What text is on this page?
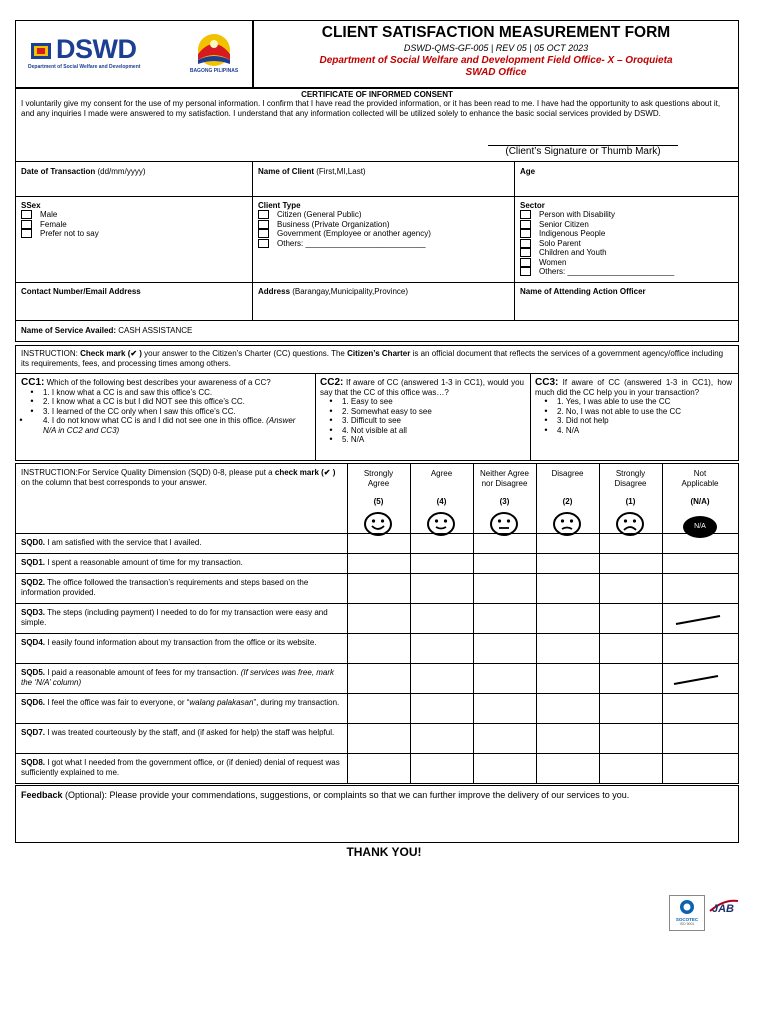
DSWD
Department of Social Welfare and Development
BAGONG PILIPINAS
CLIENT SATISFACTION MEASUREMENT FORM
DSWD-QMS-GF-005 | REV 05 | 05 OCT 2023
Department of Social Welfare and Development Field Office- X – Oroquieta
SWAD Office
CERTIFICATE OF INFORMED CONSENT
I voluntarily give my consent for the use of my personal information. I confirm that I have read the provided information, or it has been read to me. I have had the opportunity to ask questions about it, and any inquiries I made were answered to my satisfaction. I understand that any information collected will be utilized solely to enhance the basic social services provided by DSWD.
(Client’s Signature or Thumb Mark)
Date of Transaction (dd/mm/yyyy)	Name of Client (First,MI,Last)	Age
SSex
Male
Female
Prefer not to say
Client Type
Citizen (General Public)
Business (Private Organization)
Government (Employee or another agency)
Others: ___________________________
Sector
Person with Disability
Senior Citizen
Indigenous People
Solo Parent
Children and Youth
Women
Others: ________________________
Contact Number/Email Address	Address (Barangay,Municipality,Province)	Name of Attending Action Officer
Name of Service Availed: CASH ASSISTANCE
INSTRUCTION: Check mark (✔ ) your answer to the Citizen’s Charter (CC) questions. The Citizen’s Charter is an official document that reflects the services of a government agency/office including its requirements, fees, and processing times among others.
CC1: Which of the following best describes your awareness of a CC?
• 1. I know what a CC is and saw this office’s CC.
• 2. I know what a CC is but I did NOT see this office’s CC.
• 3. I learned of the CC only when I saw this office’s CC.
• 4. I do not know what CC is and I did not see one in this office. (Answer N/A in CC2 and CC3)
CC2: If aware of CC (answered 1-3 in CC1), would you say that the CC of this office was…?
• 1. Easy to see
• 2. Somewhat easy to see
• 3. Difficult to see
• 4. Not visible at all
• 5. N/A
CC3: If aware of CC (answered 1-3 in CC1), how much did the CC help you in your transaction?
• 1. Yes, I was able to use the CC
• 2. No, I was not able to use the CC
• 3. Did not help
• 4. N/A
INSTRUCTION:For Service Quality Dimension (SQD) 0-8, please put a check mark (✔ ) on the column that best corresponds to your answer.
Strongly Agree
(5)
Agree
(4)
Neither Agree nor Disagree
(3)
Disagree
(2)
Strongly Disagree
(1)
Not Applicable
(N/A)
N/A
SQD0. I am satisfied with the service that I availed.
SQD1. I spent a reasonable amount of time for my transaction.
SQD2. The office followed the transaction’s requirements and steps based on the information provided.
SQD3. The steps (including payment) I needed to do for my transaction were easy and simple.
SQD4. I easily found information about my transaction from the office or its website.
SQD5. I paid a reasonable amount of fees for my transaction. (If services was free, mark the ‘N/A’ column)
SQD6. I feel the office was fair to everyone, or “walang palakasan”, during my transaction.
SQD7. I was treated courteously by the staff, and (if asked for help) the staff was helpful.
SQD8. I got what I needed from the government office, or (if denied) denial of request was sufficiently explained to me.
Feedback (Optional): Please provide your commendations, suggestions, or complaints so that we can further improve the delivery of our services to you.
THANK YOU!
SOCOTEC
ISO 9001
JAB
